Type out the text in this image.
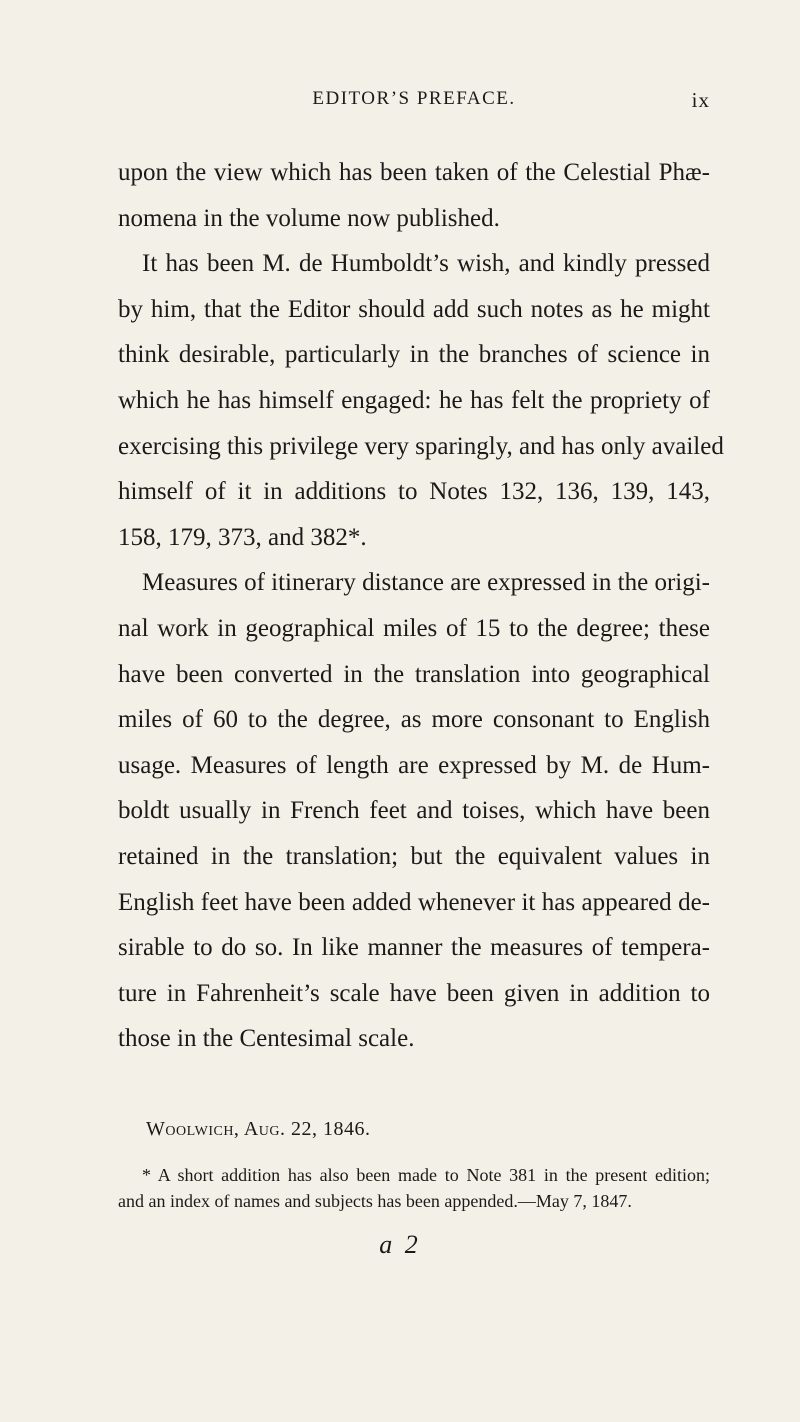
EDITOR’S PREFACE.	ix
upon the view which has been taken of the Celestial Phæ-
nomena in the volume now published.
It has been M. de Humboldt’s wish, and kindly pressed
by him, that the Editor should add such notes as he might
think desirable, particularly in the branches of science in
which he has himself engaged: he has felt the propriety of
exercising this privilege very sparingly, and has only availed
himself of it in additions to Notes 132, 136, 139, 143,
158, 179, 373, and 382*.
Measures of itinerary distance are expressed in the origi-
nal work in geographical miles of 15 to the degree; these
have been converted in the translation into geographical
miles of 60 to the degree, as more consonant to English
usage. Measures of length are expressed by M. de Hum-
boldt usually in French feet and toises, which have been
retained in the translation; but the equivalent values in
English feet have been added whenever it has appeared de-
sirable to do so. In like manner the measures of tempera-
ture in Fahrenheit’s scale have been given in addition to
those in the Centesimal scale.
Woolwich, Aug. 22, 1846.
* A short addition has also been made to Note 381 in the present edition;
and an index of names and subjects has been appended.—May 7, 1847.
a 2
